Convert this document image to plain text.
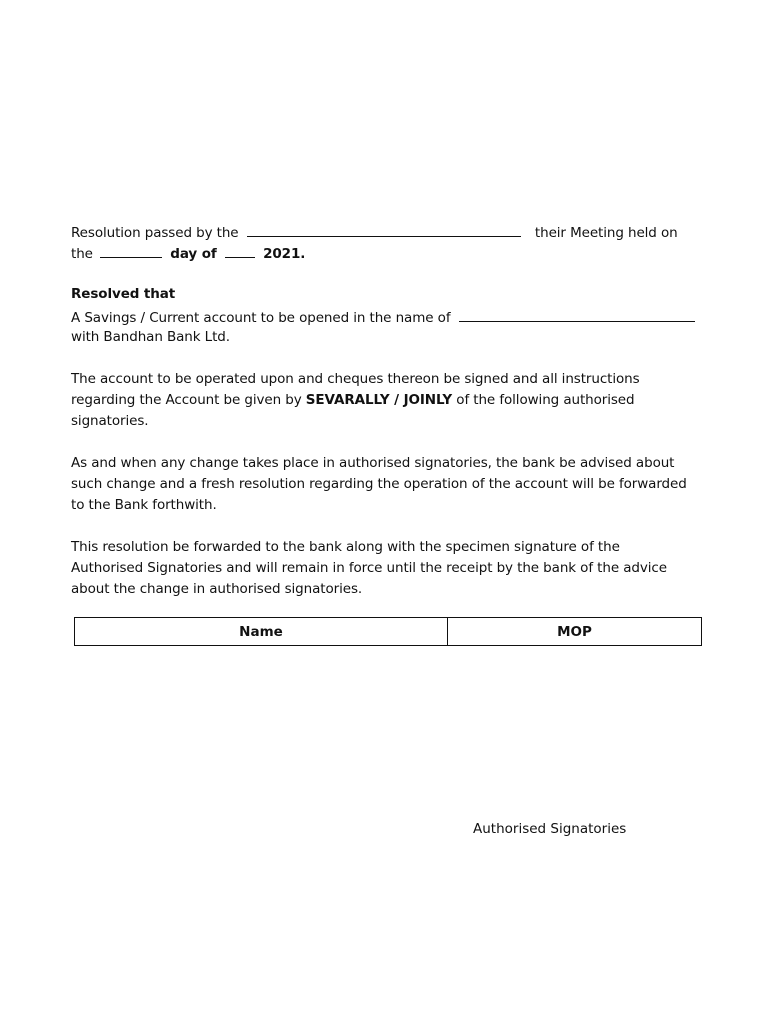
Resolution passed by the	their Meeting held on
the	day of	2021.
Resolved that
A Savings / Current account to be opened in the name of
with Bandhan Bank Ltd.
The account to be operated upon and cheques thereon be signed and all instructions
regarding the Account be given by SEVARALLY / JOINLY of the following authorised
signatories.
As and when any change takes place in authorised signatories, the bank be advised about
such change and a fresh resolution regarding the operation of the account will be forwarded
to the Bank forthwith.
This resolution be forwarded to the bank along with the specimen signature of the
Authorised Signatories and will remain in force until the receipt by the bank of the advice
about the change in authorised signatories.
Name	MOP
Authorised Signatories
